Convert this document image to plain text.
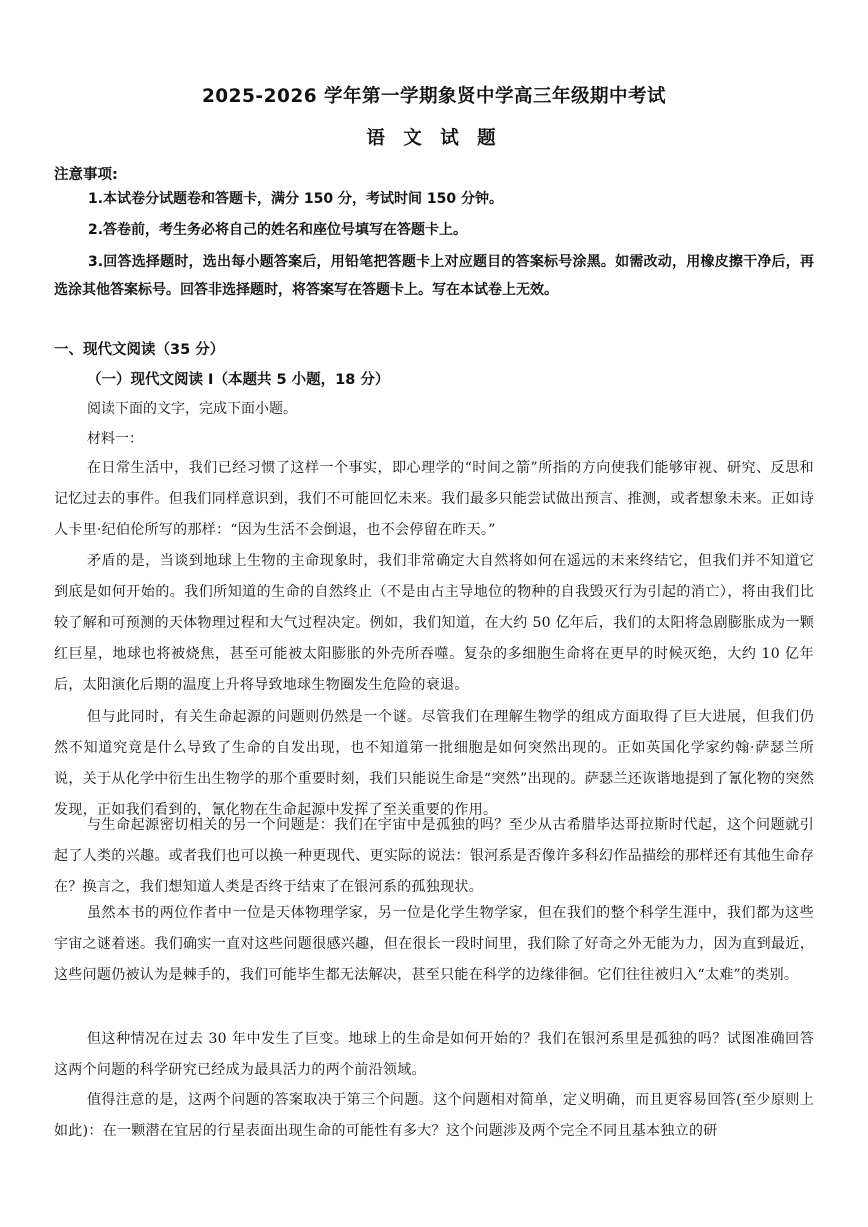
2025-2026 学年第一学期象贤中学高三年级期中考试
语 文 试 题
注意事项:
1.本试卷分试题卷和答题卡，满分 150 分，考试时间 150 分钟。
2.答卷前，考生务必将自己的姓名和座位号填写在答题卡上。
3.回答选择题时，选出每小题答案后，用铅笔把答题卡上对应题目的答案标号涂黑。如需改动，用橡皮擦干净后，再选涂其他答案标号。回答非选择题时，将答案写在答题卡上。写在本试卷上无效。
一、现代文阅读（35 分）
（一）现代文阅读 I（本题共 5 小题，18 分）
阅读下面的文字，完成下面小题。
材料一：
在日常生活中，我们已经习惯了这样一个事实，即心理学的“时间之箭”所指的方向使我们能够审视、研究、反思和记忆过去的事件。但我们同样意识到，我们不可能回忆未来。我们最多只能尝试做出预言、推测，或者想象未来。正如诗人卡里·纪伯伦所写的那样：“因为生活不会倒退，也不会停留在昨天。”
矛盾的是，当谈到地球上生物的主命现象时，我们非常确定大自然将如何在遥远的未来终结它，但我们并不知道它到底是如何开始的。我们所知道的生命的自然终止（不是由占主导地位的物种的自我毁灭行为引起的消亡），将由我们比较了解和可预测的天体物理过程和大气过程决定。例如，我们知道，在大约 50 亿年后，我们的太阳将急剧膨胀成为一颗红巨星，地球也将被烧焦，甚至可能被太阳膨胀的外壳所吞噬。复杂的多细胞生命将在更早的时候灭绝，大约 10 亿年后，太阳演化后期的温度上升将导致地球生物圈发生危险的衰退。
但与此同时，有关生命起源的问题则仍然是一个谜。尽管我们在理解生物学的组成方面取得了巨大进展，但我们仍然不知道究竟是什么导致了生命的自发出现，也不知道第一批细胞是如何突然出现的。正如英国化学家约翰·萨瑟兰所说，关于从化学中衍生出生物学的那个重要时刻，我们只能说生命是“突然”出现的。萨瑟兰还诙谐地提到了氰化物的突然发现，正如我们看到的，氰化物在生命起源中发挥了至关重要的作用。
与生命起源密切相关的另一个问题是：我们在宇宙中是孤独的吗？至少从古希腊毕达哥拉斯时代起，这个问题就引起了人类的兴趣。或者我们也可以换一种更现代、更实际的说法：银河系是否像许多科幻作品描绘的那样还有其他生命存在？换言之，我们想知道人类是否终于结束了在银河系的孤独现状。
虽然本书的两位作者中一位是天体物理学家，另一位是化学生物学家，但在我们的整个科学生涯中，我们都为这些宇宙之谜着迷。我们确实一直对这些问题很感兴趣，但在很长一段时间里，我们除了好奇之外无能为力，因为直到最近，这些问题仍被认为是棘手的，我们可能毕生都无法解决，甚至只能在科学的边缘徘徊。它们往往被归入“太难”的类别。
但这种情况在过去 30 年中发生了巨变。地球上的生命是如何开始的？我们在银河系里是孤独的吗？试图准确回答这两个问题的科学研究已经成为最具活力的两个前沿领域。
值得注意的是，这两个问题的答案取决于第三个问题。这个问题相对简单，定义明确，而且更容易回答(至少原则上如此)：在一颗潜在宜居的行星表面出现生命的可能性有多大？这个问题涉及两个完全不同且基本独立的研
